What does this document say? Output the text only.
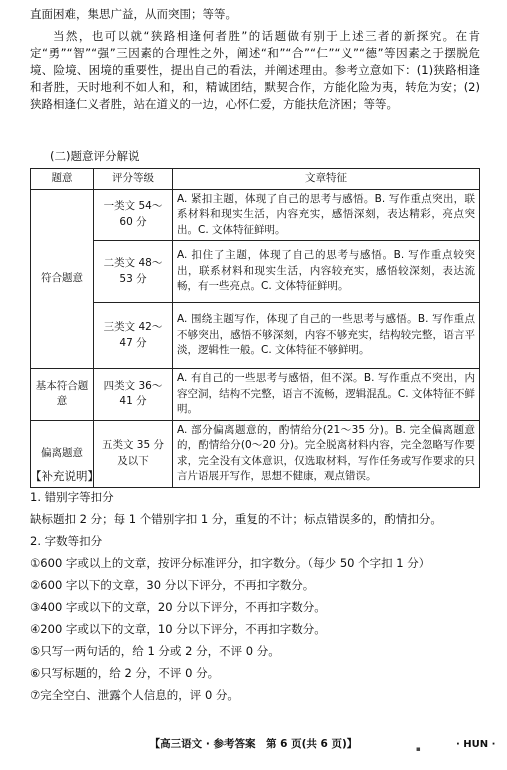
直面困难，集思广益，从而突围；等等。

当然，也可以就“狭路相逢何者胜”的话题做有别于上述三者的新探究。在肯定“勇”“智”“强”三因素的合理性之外，阐述“和”“合”“仁”“义”“德”等因素之于摆脱危境、险境、困境的重要性，提出自己的看法，并阐述理由。参考立意如下：(1)狭路相逢和者胜，天时地利不如人和，和，精诚团结，默契合作，方能化险为夷，转危为安；(2)狭路相逢仁义者胜，站在道义的一边，心怀仁爱，方能扶危济困；等等。

(二)题意评分解说

题意	评分等级	文章特征
符合题意	一类文 54～60 分	A. 紧扣主题，体现了自己的思考与感悟。B. 写作重点突出，联系材料和现实生活，内容充实，感悟深刻，表达精彩，亮点突出。C. 文体特征鲜明。
	二类文 48～53 分	A. 扣住了主题，体现了自己的思考与感悟。B. 写作重点较突出，联系材料和现实生活，内容较充实，感悟较深刻，表达流畅，有一些亮点。C. 文体特征鲜明。
	三类文 42～47 分	A. 围绕主题写作，体现了自己的一些思考与感悟。B. 写作重点不够突出，感悟不够深刻，内容不够充实，结构较完整，语言平淡，逻辑性一般。C. 文体特征不够鲜明。
基本符合题意	四类文 36～41 分	A. 有自己的一些思考与感悟，但不深。B. 写作重点不突出，内容空洞，结构不完整，语言不流畅，逻辑混乱。C. 文体特征不鲜明。
偏离题意	五类文 35 分及以下	A. 部分偏离题意的，酌情给分(21～35 分)。B. 完全偏离题意的，酌情给分(0～20 分)。完全脱离材料内容，完全忽略写作要求，完全没有文体意识，仅选取材料，写作任务或写作要求的只言片语展开写作，思想不健康，观点错误。

【补充说明】

1. 错别字等扣分

缺标题扣 2 分；每 1 个错别字扣 1 分，重复的不计；标点错误多的，酌情扣分。

2. 字数等扣分

①600 字或以上的文章，按评分标准评分，扣字数分。（每少 50 个字扣 1 分）

②600 字以下的文章，30 分以下评分，不再扣字数分。

③400 字或以下的文章，20 分以下评分，不再扣字数分。

④200 字或以下的文章，10 分以下评分，不再扣字数分。

⑤只写一两句话的，给 1 分或 2 分，不评 0 分。

⑥只写标题的，给 2 分，不评 0 分。

⑦完全空白、泄露个人信息的，评 0 分。

【高三语文 · 参考答案　第 6 页(共 6 页)】	▪	· HUN ·
